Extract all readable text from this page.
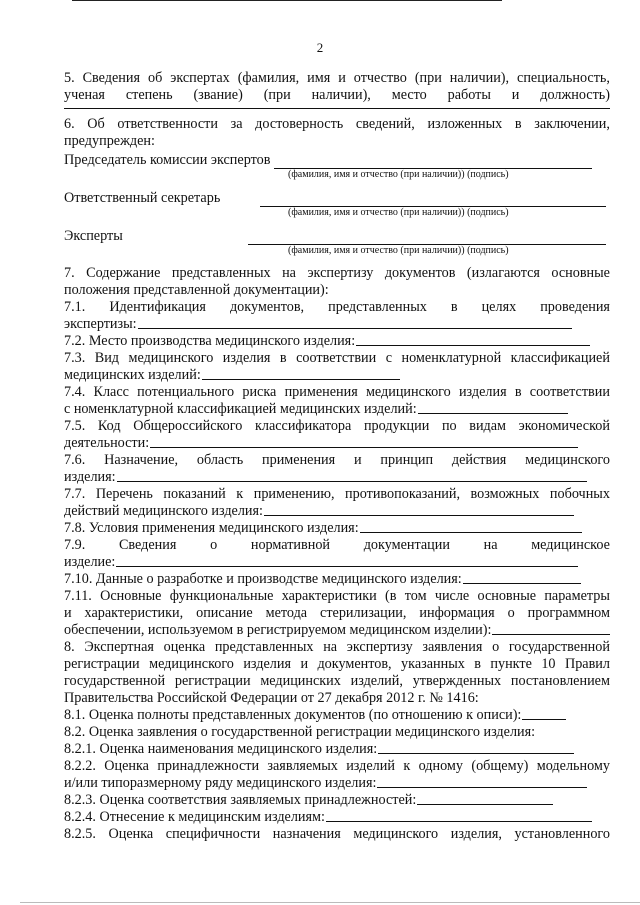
2
5. Сведения об экспертах (фамилия, имя и отчество (при наличии), специальность,
ученая степень (звание) (при наличии), место работы и должность)
6. Об ответственности за достоверность сведений, изложенных в заключении,
предупрежден:
Председатель комиссии экспертов
(фамилия, имя и отчество (при наличии)) (подпись)
Ответственный секретарь
(фамилия, имя и отчество (при наличии)) (подпись)
Эксперты
(фамилия, имя и отчество (при наличии)) (подпись)
7. Содержание представленных на экспертизу документов (излагаются основные
положения представленной документации):
7.1. Идентификация документов, представленных в целях проведения
экспертизы:
7.2. Место производства медицинского изделия:
7.3. Вид медицинского изделия в соответствии с номенклатурной классификацией
медицинских изделий:
7.4. Класс потенциального риска применения медицинского изделия в соответствии
с номенклатурной классификацией медицинских изделий:
7.5. Код Общероссийского классификатора продукции по видам экономической
деятельности:
7.6. Назначение, область применения и принцип действия медицинского
изделия:
7.7. Перечень показаний к применению, противопоказаний, возможных побочных
действий медицинского изделия:
7.8. Условия применения медицинского изделия:
7.9. Сведения о нормативной документации на медицинское
изделие:
7.10. Данные о разработке и производстве медицинского изделия:
7.11. Основные функциональные характеристики (в том числе основные параметры
и характеристики, описание метода стерилизации, информация о программном
обеспечении, используемом в регистрируемом медицинском изделии):
8. Экспертная оценка представленных на экспертизу заявления о государственной
регистрации медицинского изделия и документов, указанных в пункте 10 Правил
государственной регистрации медицинских изделий, утвержденных постановлением
Правительства Российской Федерации от 27 декабря 2012 г. № 1416:
8.1. Оценка полноты представленных документов (по отношению к описи):
8.2. Оценка заявления о государственной регистрации медицинского изделия:
8.2.1. Оценка наименования медицинского изделия:
8.2.2. Оценка принадлежности заявляемых изделий к одному (общему) модельному
и/или типоразмерному ряду медицинского изделия:
8.2.3. Оценка соответствия заявляемых принадлежностей:
8.2.4. Отнесение к медицинским изделиям:
8.2.5. Оценка специфичности назначения медицинского изделия, установленного
